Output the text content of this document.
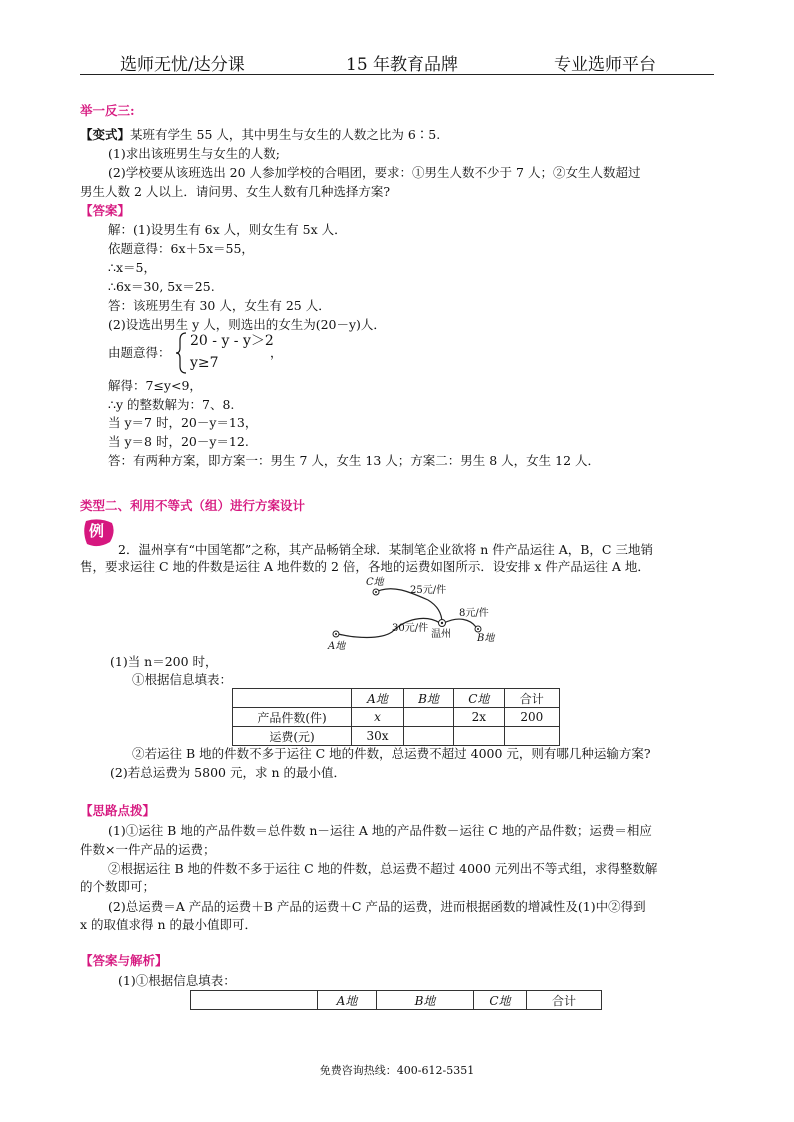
选师无忧/达分课	15 年教育品牌	专业选师平台
举一反三:
【变式】某班有学生 55 人，其中男生与女生的人数之比为 6∶5.
(1)求出该班男生与女生的人数;
(2)学校要从该班选出 20 人参加学校的合唱团，要求：①男生人数不少于 7 人；②女生人数超过
男生人数 2 人以上．请问男、女生人数有几种选择方案?
【答案】
解：(1)设男生有 6x 人，则女生有 5x 人．
依题意得：6x＋5x＝55，
∴x＝5，
∴6x＝30, 5x＝25.
答：该班男生有 30 人，女生有 25 人．
(2)设选出男生 y 人，则选出的女生为(20－y)人．
由题意得：
20 - y - y＞2
，
y≥7
解得：7≤y<9，
∴y 的整数解为：7、8.
当 y＝7 时，20－y＝13，
当 y＝8 时，20－y＝12.
答：有两种方案，即方案一：男生 7 人，女生 13 人；方案二：男生 8 人，女生 12 人．
类型二、利用不等式（组）进行方案设计
例
2．温州享有“中国笔都”之称，其产品畅销全球．某制笔企业欲将 n 件产品运往 A，B，C 三地销
售，要求运往 C 地的件数是运往 A 地件数的 2 倍，各地的运费如图所示．设安排 x 件产品运往 A 地．
C地
25元/件
8元/件
30元/件
温州	B地
A地
(1)当 n＝200 时，
①根据信息填表：
	A地	B地	C地	合计
产品件数(件)	x		2x	200
运费(元)	30x			
②若运往 B 地的件数不多于运往 C 地的件数，总运费不超过 4000 元，则有哪几种运输方案?
(2)若总运费为 5800 元，求 n 的最小值．
【思路点拨】
(1)①运往 B 地的产品件数＝总件数 n－运往 A 地的产品件数－运往 C 地的产品件数；运费＝相应
件数×一件产品的运费；
②根据运往 B 地的件数不多于运往 C 地的件数，总运费不超过 4000 元列出不等式组，求得整数解
的个数即可；
(2)总运费＝A 产品的运费＋B 产品的运费＋C 产品的运费，进而根据函数的增减性及(1)中②得到
x 的取值求得 n 的最小值即可．
【答案与解析】
(1)①根据信息填表：
	A地	B地	C地	合计
免费咨询热线：400-612-5351
